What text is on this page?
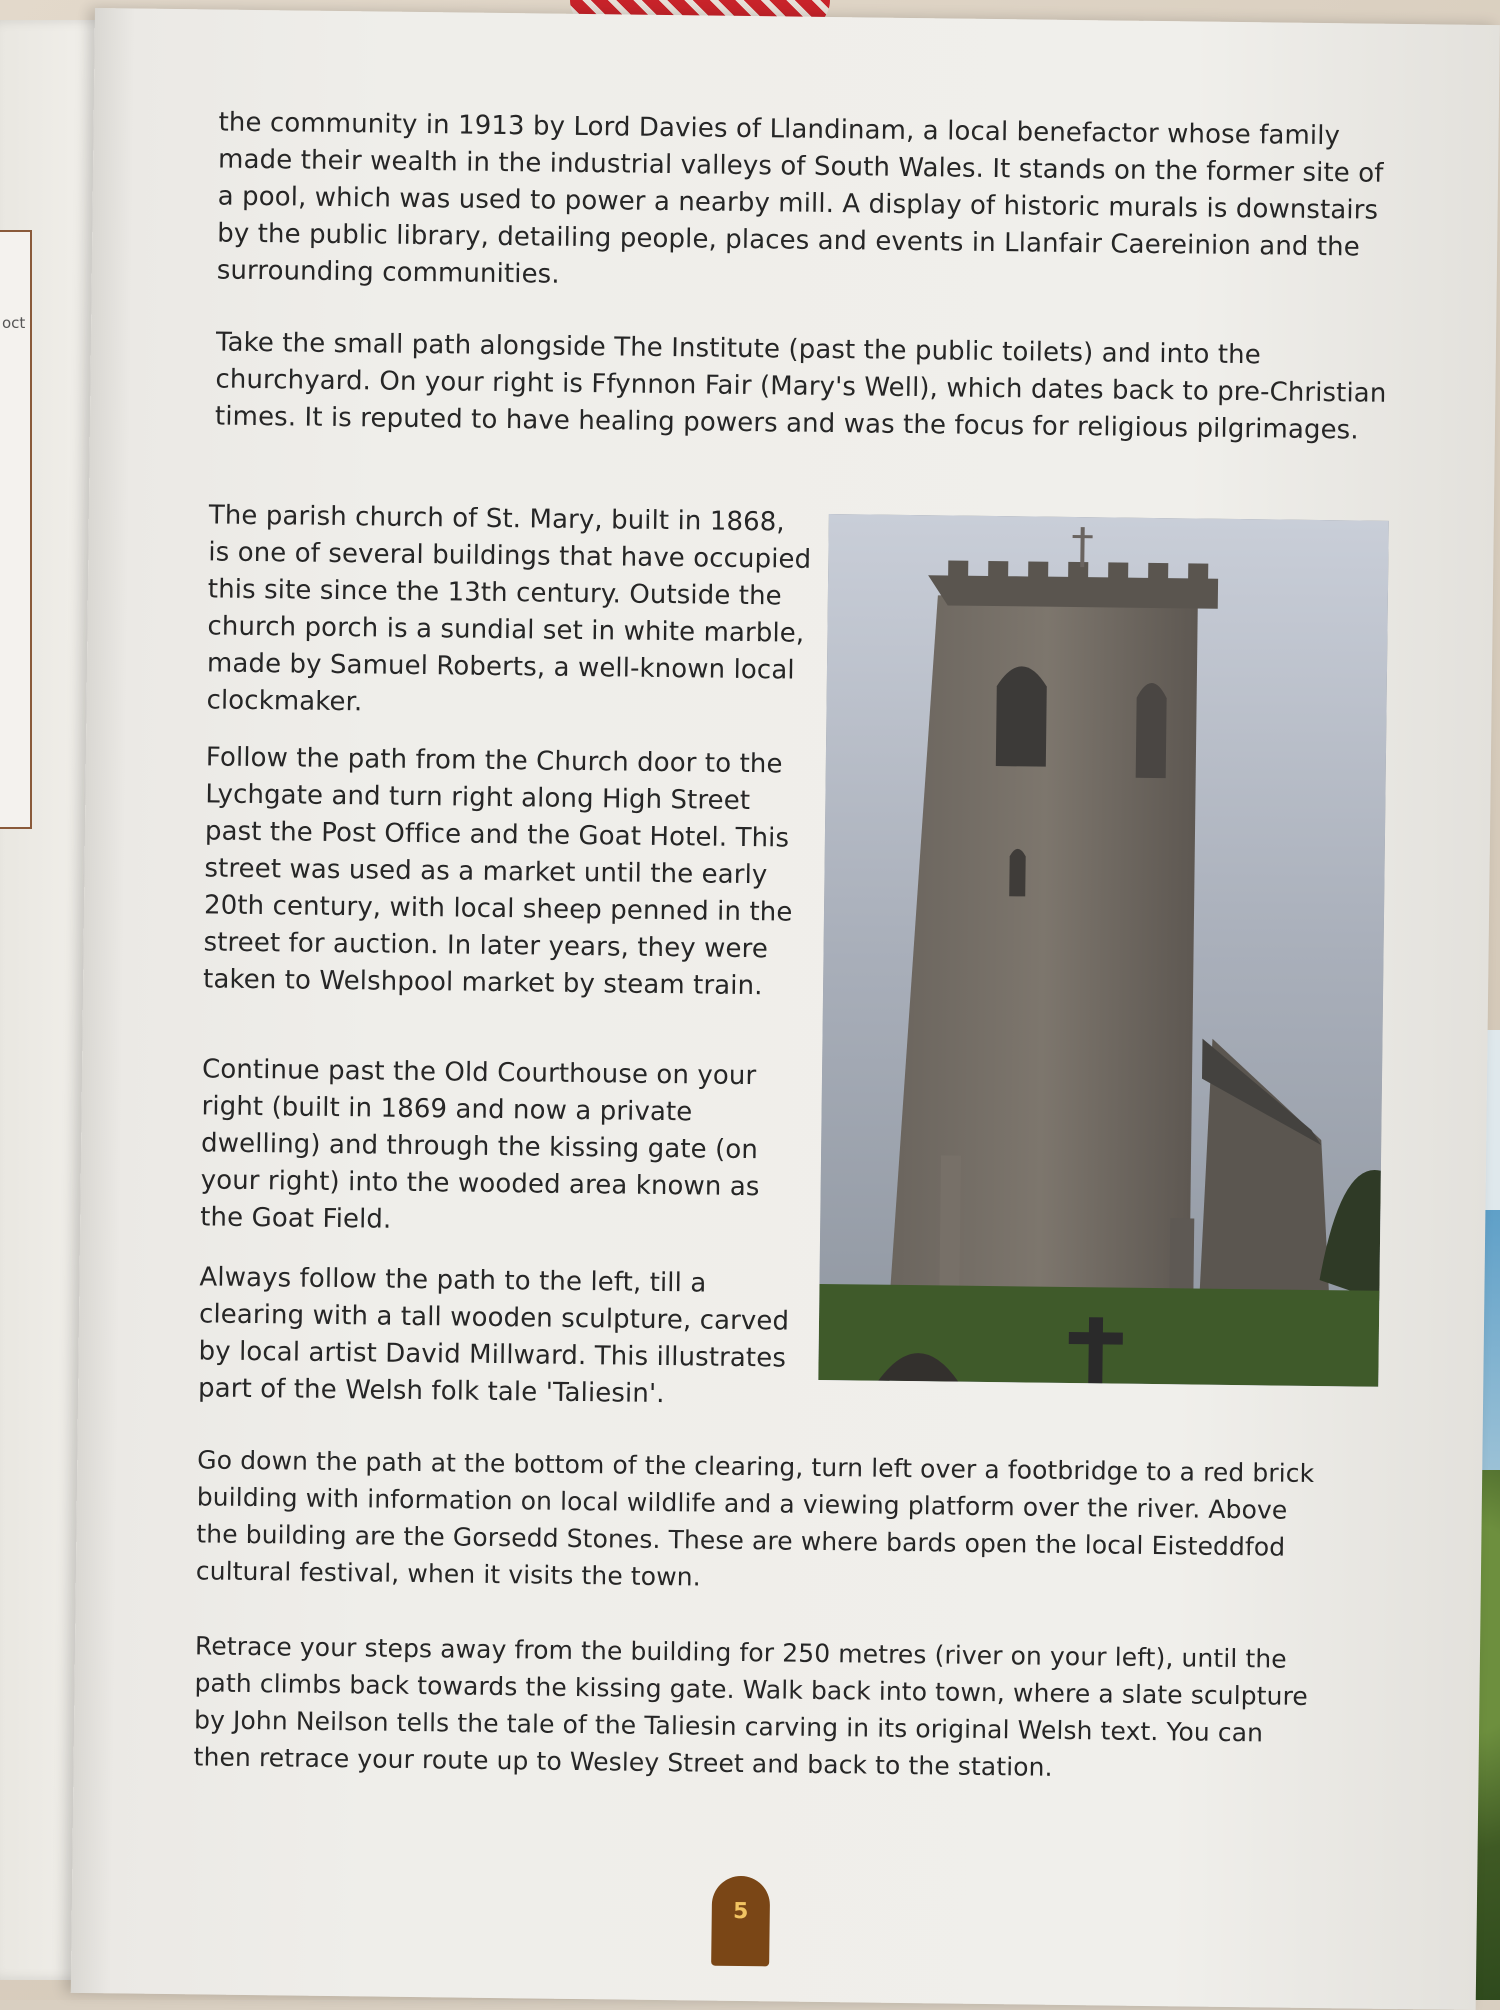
oct

the community in 1913 by Lord Davies of Llandinam, a local benefactor whose family made their wealth in the industrial valleys of South Wales. It stands on the former site of a pool, which was used to power a nearby mill. A display of historic murals is downstairs by the public library, detailing people, places and events in Llanfair Caereinion and the surrounding communities.

Take the small path alongside The Institute (past the public toilets) and into the churchyard. On your right is Ffynnon Fair (Mary's Well), which dates back to pre-Christian times. It is reputed to have healing powers and was the focus for religious pilgrimages.

The parish church of St. Mary, built in 1868, is one of several buildings that have occupied this site since the 13th century. Outside the church porch is a sundial set in white marble, made by Samuel Roberts, a well-known local clockmaker.

Follow the path from the Church door to the Lychgate and turn right along High Street past the Post Office and the Goat Hotel. This street was used as a market until the early 20th century, with local sheep penned in the street for auction. In later years, they were taken to Welshpool market by steam train.

Continue past the Old Courthouse on your right (built in 1869 and now a private dwelling) and through the kissing gate (on your right) into the wooded area known as the Goat Field.

Always follow the path to the left, till a clearing with a tall wooden sculpture, carved by local artist David Millward. This illustrates part of the Welsh folk tale 'Taliesin'.

Go down the path at the bottom of the clearing, turn left over a footbridge to a red brick building with information on local wildlife and a viewing platform over the river. Above the building are the Gorsedd Stones. These are where bards open the local Eisteddfod cultural festival, when it visits the town.

Retrace your steps away from the building for 250 metres (river on your left), until the path climbs back towards the kissing gate. Walk back into town, where a slate sculpture by John Neilson tells the tale of the Taliesin carving in its original Welsh text. You can then retrace your route up to Wesley Street and back to the station.

5
